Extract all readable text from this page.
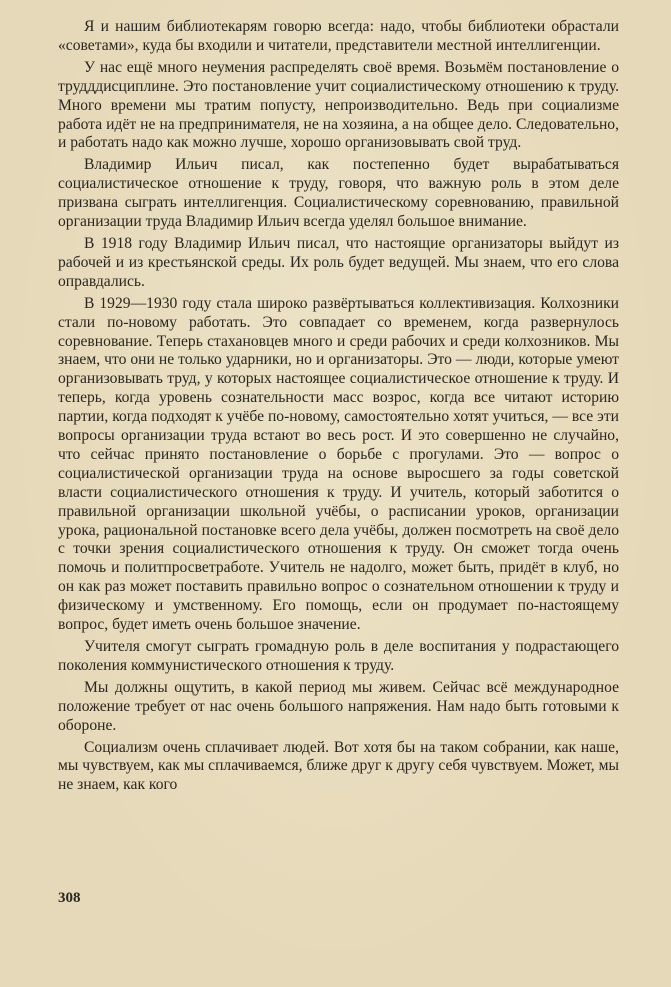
Я и нашим библиотекарям говорю всегда: надо, чтобы библиотеки обрастали «советами», куда бы входили и читатели, представители местной интеллигенции.

У нас ещё много неумения распределять своё время. Возьмём постановление о трудддисциплине. Это постановление учит социалистическому отношению к труду. Много времени мы тратим попусту, непроизводительно. Ведь при социализме работа идёт не на предпринимателя, не на хозяина, а на общее дело. Следовательно, и работать надо как можно лучше, хорошо организовывать свой труд.

Владимир Ильич писал, как постепенно будет вырабатываться социалистическое отношение к труду, говоря, что важную роль в этом деле призвана сыграть интеллигенция. Социалистическому соревнованию, правильной организации труда Владимир Ильич всегда уделял большое внимание.

В 1918 году Владимир Ильич писал, что настоящие организаторы выйдут из рабочей и из крестьянской среды. Их роль будет ведущей. Мы знаем, что его слова оправдались.

В 1929—1930 году стала широко развёртываться коллективизация. Колхозники стали по-новому работать. Это совпадает со временем, когда развернулось соревнование. Теперь стахановцев много и среди рабочих и среди колхозников. Мы знаем, что они не только ударники, но и организаторы. Это — люди, которые умеют организовывать труд, у которых настоящее социалистическое отношение к труду. И теперь, когда уровень сознательности масс возрос, когда все читают историю партии, когда подходят к учёбе по-новому, самостоятельно хотят учиться, — все эти вопросы организации труда встают во весь рост. И это совершенно не случайно, что сейчас принято постановление о борьбе с прогулами. Это — вопрос о социалистической организации труда на основе выросшего за годы советской власти социалистического отношения к труду. И учитель, который заботится о правильной организации школьной учёбы, о расписании уроков, организации урока, рациональной постановке всего дела учёбы, должен посмотреть на своё дело с точки зрения социалистического отношения к труду. Он сможет тогда очень помочь и политпросветработе. Учитель не надолго, может быть, придёт в клуб, но он как раз может поставить правильно вопрос о сознательном отношении к труду и физическому и умственному. Его помощь, если он продумает по-настоящему вопрос, будет иметь очень большое значение.

Учителя смогут сыграть громадную роль в деле воспитания у подрастающего поколения коммунистического отношения к труду.

Мы должны ощутить, в какой период мы живем. Сейчас всё международное положение требует от нас очень большого напряжения. Нам надо быть готовыми к обороне.

Социализм очень сплачивает людей. Вот хотя бы на таком собрании, как наше, мы чувствуем, как мы сплачиваемся, ближе друг к другу себя чувствуем. Может, мы не знаем, как кого

308
